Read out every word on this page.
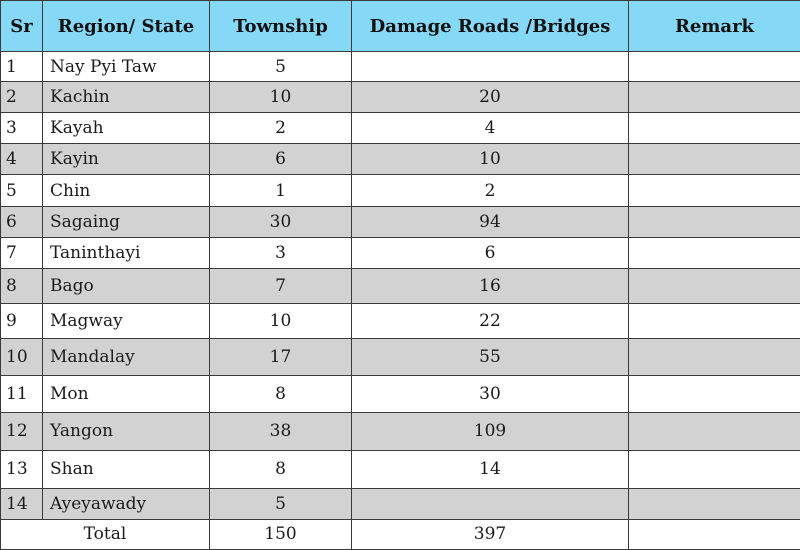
Sr	Region/ State	Township	Damage Roads /Bridges	Remark
1	Nay Pyi Taw	5		
2	Kachin	10	20	
3	Kayah	2	4	
4	Kayin	6	10	
5	Chin	1	2	
6	Sagaing	30	94	
7	Taninthayi	3	6	
8	Bago	7	16	
9	Magway	10	22	
10	Mandalay	17	55	
11	Mon	8	30	
12	Yangon	38	109	
13	Shan	8	14	
14	Ayeyawady	5		
Total		150	397	
